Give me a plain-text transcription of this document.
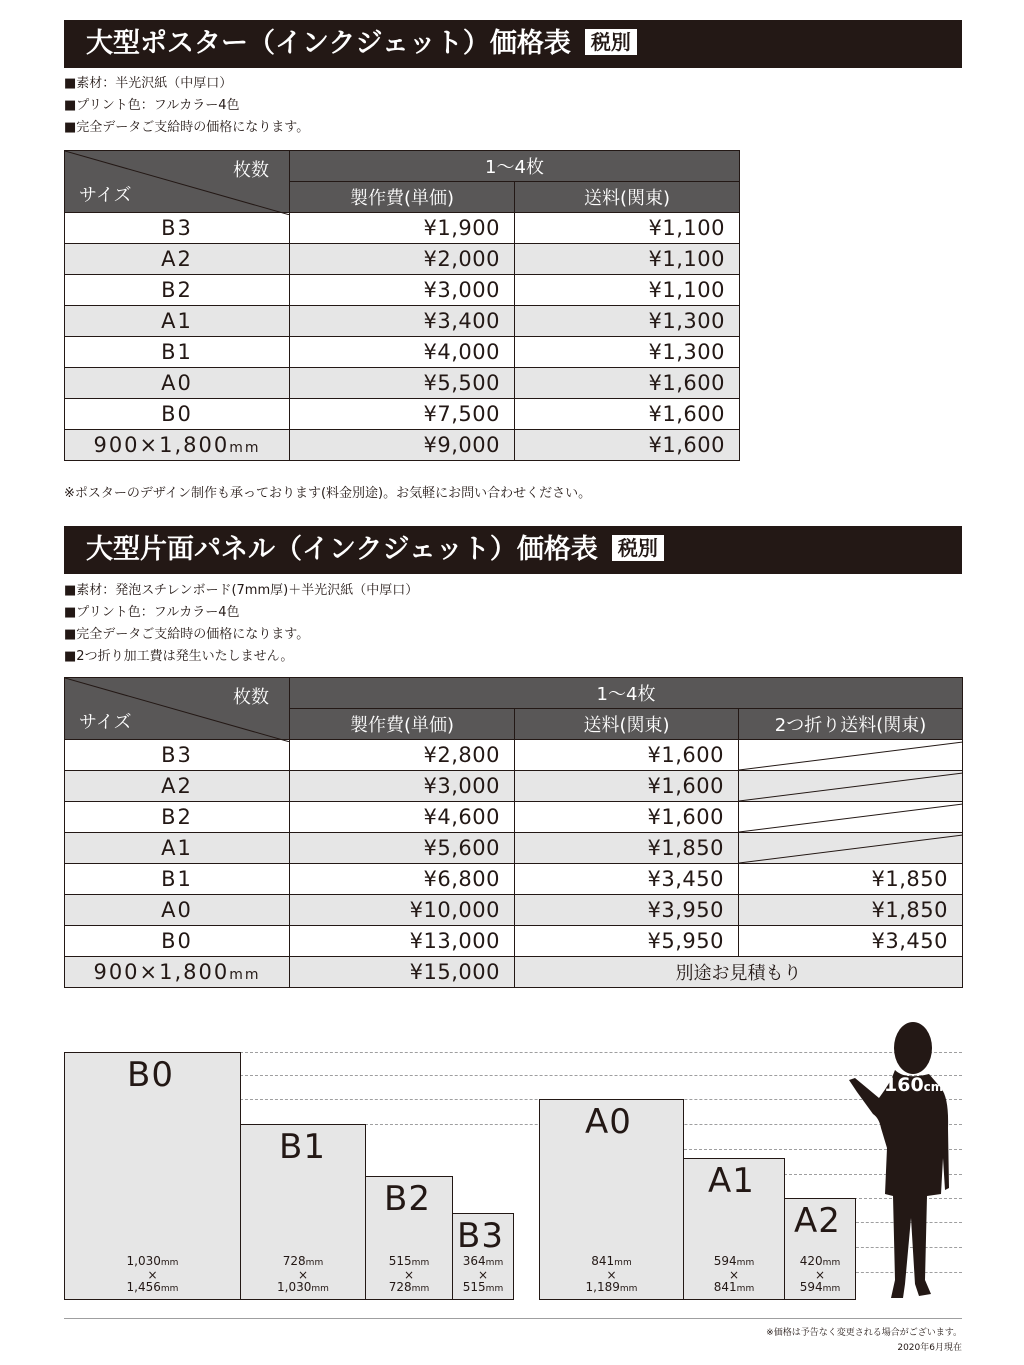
大型ポスター（インクジェット）価格表 税別
■ 素材：半光沢紙（中厚口）
■ プリント色：フルカラー4色
■ 完全データご支給時の価格になります。
枚数
サイズ	1～4枚	
	製作費(単価)	送料(関東)
B3	¥1,900	¥1,100
A2	¥2,000	¥1,100
B2	¥3,000	¥1,100
A1	¥3,400	¥1,300
B1	¥4,000	¥1,300
A0	¥5,500	¥1,600
B0	¥7,500	¥1,600
900×1,800mm	¥9,000	¥1,600
※ポスターのデザイン制作も承っております(料金別途)。お気軽にお問い合わせください。
大型片面パネル（インクジェット）価格表 税別
■ 素材：発泡スチレンボード(7mm厚)＋半光沢紙（中厚口）
■ プリント色：フルカラー4色
■ 完全データご支給時の価格になります。
■ 2つ折り加工費は発生いたしません。
枚数
サイズ	1～4枚		
	製作費(単価)	送料(関東)	2つ折り送料(関東)
B3	¥2,800	¥1,600	

A2	¥3,000	¥1,600	

B2	¥4,600	¥1,600	

A1	¥5,600	¥1,850	

B1	¥6,800	¥3,450	¥1,850
A0	¥10,000	¥3,950	¥1,850
B0	¥13,000	¥5,950	¥3,450
900×1,800mm	¥15,000	別途お見積もり	
B0
1,030mm
×
1,456mm
B1
728mm
×
1,030mm
B2
515mm
×
728mm
B3
364mm
×
515mm
A0
841mm
×
1,189mm
A1
594mm
×
841mm
A2
420mm
×
594mm
160cm
※価格は予告なく変更される場合がございます。
2020年6月現在
